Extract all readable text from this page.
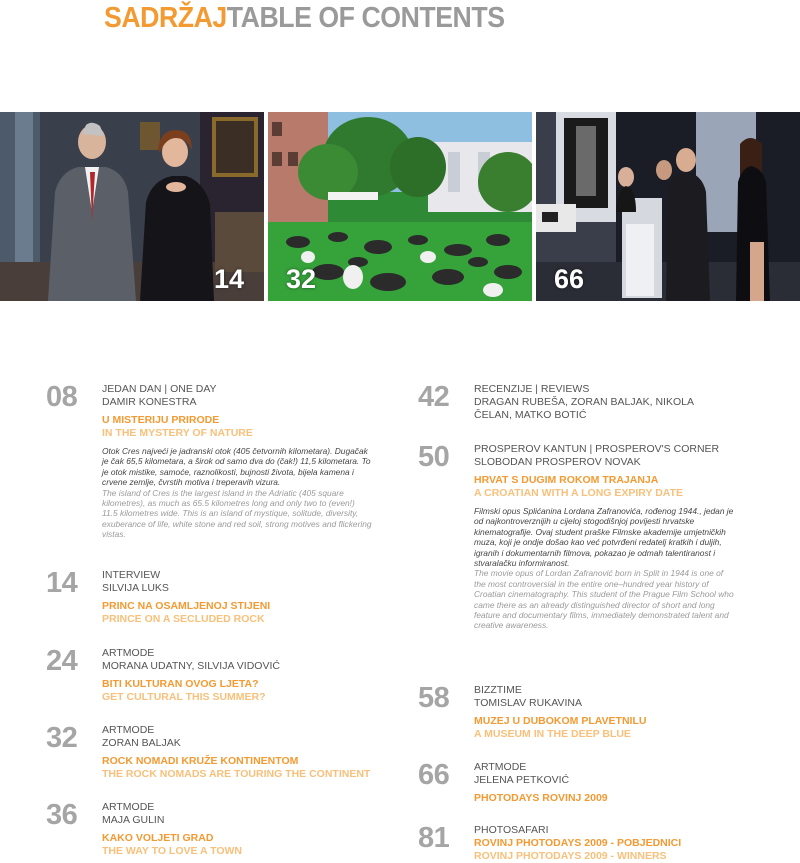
SADRŽAJTABLE OF CONTENTS
14 32	66
08 JEDAN DAN | ONE DAY
DAMIR KONESTRA
U MISTERIJU PRIRODE
IN THE MYSTERY OF NATURE
Otok Cres najveći je jadranski otok (405 četvornih kilometara). Dugačak je čak 65,5 kilometara, a širok od samo dva do (čak!) 11,5 kilometara. To je otok mistike, samoće, raznolikosti, bujnosti života, bijela kamena i crvene zemlje, čvrstih motiva i treperavih vizura.
The island of Cres is the largest island in the Adriatic (405 square kilometres), as much as 65.5 kilometres long and only two to (even!) 11.5 kilometres wide. This is an island of mystique, solitude, diversity, exuberance of life, white stone and red soil, strong motives and flickering vistas.
14 INTERVIEW
SILVIJA LUKS
PRINC NA OSAMLJENOJ STIJENI
PRINCE ON A SECLUDED ROCK
24 ARTMODE
MORANA UDATNY, SILVIJA VIDOVIĆ
BITI KULTURAN OVOG LJETA?
GET CULTURAL THIS SUMMER?
32 ARTMODE
ZORAN BALJAK
ROCK NOMADI KRUŽE KONTINENTOM
THE ROCK NOMADS ARE TOURING THE CONTINENT
36 ARTMODE
MAJA GULIN
KAKO VOLJETI GRAD
THE WAY TO LOVE A TOWN
42 RECENZIJE | REVIEWS
DRAGAN RUBEŠA, ZORAN BALJAK, NIKOLA ČELAN, MATKO BOTIĆ
50 PROSPEROV KANTUN | PROSPEROV'S CORNER
SLOBODAN PROSPEROV NOVAK
HRVAT S DUGIM ROKOM TRAJANJA
A CROATIAN WITH A LONG EXPIRY DATE
Filmski opus Splićanina Lordana Zafranovića, rođenog 1944., jedan je od najkontroverznijih u cijeloj stogodišnjoj povijesti hrvatske kinematografije. Ovaj student praške Filmske akademije umjetničkih muza, koji je ondje došao kao već potvrđeni redatelj kratkih i duljih, igranih i dokumentarnih filmova, pokazao je odmah talentiranost i stvaralačku informiranost.
The movie opus of Lordan Zafranović born in Split in 1944 is one of the most controversial in the entire one–hundred year history of Croatian cinematography. This student of the Prague Film School who came there as an already distinguished director of short and long feature and documentary films, immediately demonstrated talent and creative awareness.
58 BIZZTIME
TOMISLAV RUKAVINA
MUZEJ U DUBOKOM PLAVETNILU
A MUSEUM IN THE DEEP BLUE
66 ARTMODE
JELENA PETKOVIĆ
PHOTODAYS ROVINJ 2009
81 PHOTOSAFARI
ROVINJ PHOTODAYS 2009 - POBJEDNICI
ROVINJ PHOTODAYS 2009 - WINNERS
